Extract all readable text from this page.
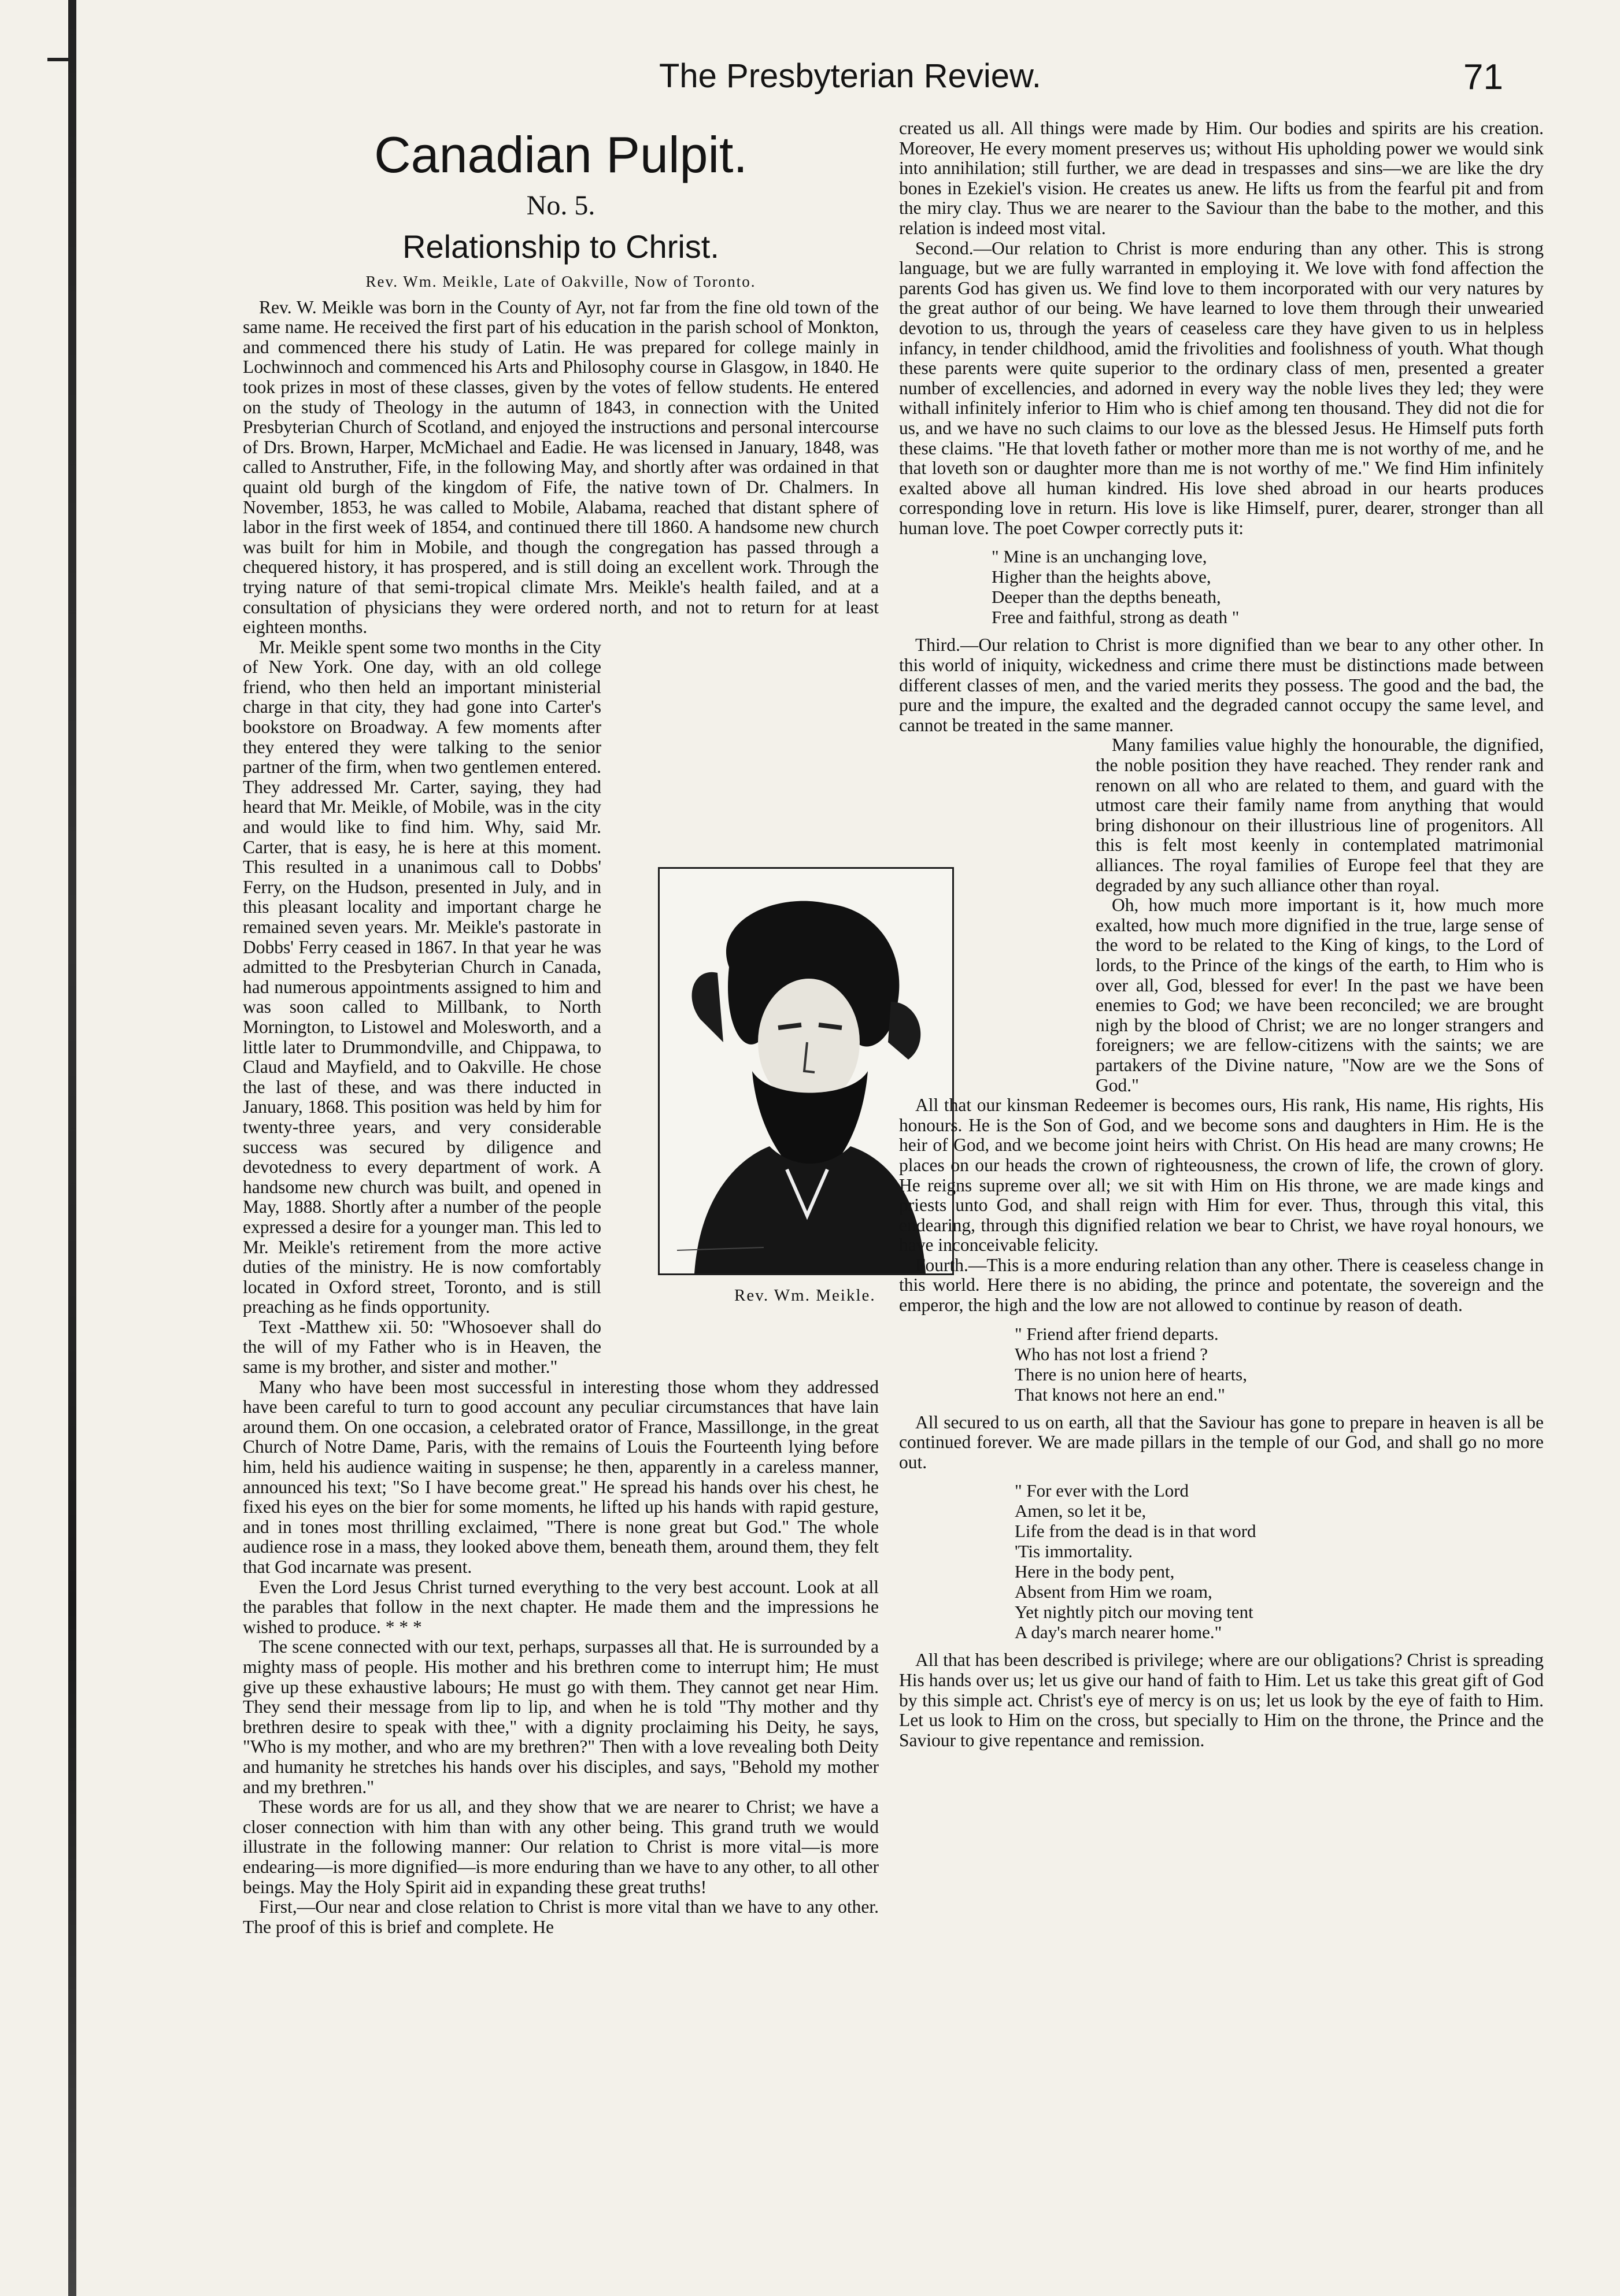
The Presbyterian Review.	71
Canadian Pulpit.
No. 5.
Relationship to Christ.
Rev. Wm. Meikle, Late of Oakville, Now of Toronto.

Rev. W. Meikle was born in the County of Ayr, not far from the fine old town of the same name. He received the first part of his education in the parish school of Monkton, and commenced there his study of Latin. He was prepared for college mainly in Lochwinnoch and commenced his Arts and Philosophy course in Glasgow, in 1840. He took prizes in most of these classes, given by the votes of fellow students. He entered on the study of Theology in the autumn of 1843, in connection with the United Presbyterian Church of Scotland, and enjoyed the instructions and personal intercourse of Drs. Brown, Harper, McMichael and Eadie. He was licensed in January, 1848, was called to Anstruther, Fife, in the following May, and shortly after was ordained in that quaint old burgh of the kingdom of Fife, the native town of Dr. Chalmers. In November, 1853, he was called to Mobile, Alabama, reached that distant sphere of labor in the first week of 1854, and continued there till 1860. A handsome new church was built for him in Mobile, and though the congregation has passed through a chequered history, it has prospered, and is still doing an excellent work. Through the trying nature of that semi-tropical climate Mrs. Meikle's health failed, and at a consultation of physicians they were ordered north, and not to return for at least eighteen months.

Mr. Meikle spent some two months in the City of New York. One day, with an old college friend, who then held an important ministerial charge in that city, they had gone into Carter's bookstore on Broadway. A few moments after they entered they were talking to the senior partner of the firm, when two gentlemen entered. They addressed Mr. Carter, saying, they had heard that Mr. Meikle, of Mobile, was in the city and would like to find him. Why, said Mr. Carter, that is easy, he is here at this moment. This resulted in a unanimous call to Dobbs' Ferry, on the Hudson, presented in July, and in this pleasant locality and important charge he remained seven years. Mr. Meikle's pastorate in Dobbs' Ferry ceased in 1867. In that year he was admitted to the Presbyterian Church in Canada, had numerous appointments assigned to him and was soon called to Millbank, to North Mornington, to Listowel and Molesworth, and a little later to Drummondville, and Chippawa, to Claud and Mayfield, and to Oakville. He chose the last of these, and was there inducted in January, 1868. This position was held by him for twenty-three years, and very considerable success was secured by diligence and devotedness to every department of work. A handsome new church was built, and opened in May, 1888. Shortly after a number of the people expressed a desire for a younger man. This led to Mr. Meikle's retirement from the more active duties of the ministry. He is now comfortably located in Oxford street, Toronto, and is still preaching as he finds opportunity.

Text -Matthew xii. 50: "Whosoever shall do the will of my Father who is in Heaven, the same is my brother, and sister and mother."

Many who have been most successful in interesting those whom they addressed have been careful to turn to good account any peculiar circumstances that have lain around them. On one occasion, a celebrated orator of France, Massillonge, in the great Church of Notre Dame, Paris, with the remains of Louis the Fourteenth lying before him, held his audience waiting in suspense; he then, apparently in a careless manner, announced his text; "So I have become great." He spread his hands over his chest, he fixed his eyes on the bier for some moments, he lifted up his hands with rapid gesture, and in tones most thrilling exclaimed, "There is none great but God." The whole audience rose in a mass, they looked above them, beneath them, around them, they felt that God incarnate was present.

Even the Lord Jesus Christ turned everything to the very best account. Look at all the parables that follow in the next chapter. He made them and the impressions he wished to produce. * * *

The scene connected with our text, perhaps, surpasses all that. He is surrounded by a mighty mass of people. His mother and his brethren come to interrupt him; He must give up these exhaustive labours; He must go with them. They cannot get near Him. They send their message from lip to lip, and when he is told "Thy mother and thy brethren desire to speak with thee," with a dignity proclaiming his Deity, he says, "Who is my mother, and who are my brethren?" Then with a love revealing both Deity and humanity he stretches his hands over his disciples, and says, "Behold my mother and my brethren."

These words are for us all, and they show that we are nearer to Christ; we have a closer connection with him than with any other being. This grand truth we would illustrate in the following manner: Our relation to Christ is more vital—is more endearing—is more dignified—is more enduring than we have to any other, to all other beings. May the Holy Spirit aid in expanding these great truths!

First,—Our near and close relation to Christ is more vital than we have to any other. The proof of this is brief and complete. He

Rev. Wm. Meikle.

created us all. All things were made by Him. Our bodies and spirits are his creation. Moreover, He every moment preserves us; without His upholding power we would sink into annihilation; still further, we are dead in trespasses and sins—we are like the dry bones in Ezekiel's vision. He creates us anew. He lifts us from the fearful pit and from the miry clay. Thus we are nearer to the Saviour than the babe to the mother, and this relation is indeed most vital.

Second.—Our relation to Christ is more enduring than any other. This is strong language, but we are fully warranted in employing it. We love with fond affection the parents God has given us. We find love to them incorporated with our very natures by the great author of our being. We have learned to love them through their unwearied devotion to us, through the years of ceaseless care they have given to us in helpless infancy, in tender childhood, amid the frivolities and foolishness of youth. What though these parents were quite superior to the ordinary class of men, presented a greater number of excellencies, and adorned in every way the noble lives they led; they were withall infinitely inferior to Him who is chief among ten thousand. They did not die for us, and we have no such claims to our love as the blessed Jesus. He Himself puts forth these claims. "He that loveth father or mother more than me is not worthy of me, and he that loveth son or daughter more than me is not worthy of me." We find Him infinitely exalted above all human kindred. His love shed abroad in our hearts produces corresponding love in return. His love is like Himself, purer, dearer, stronger than all human love. The poet Cowper correctly puts it:

" Mine is an unchanging love,
Higher than the heights above,
Deeper than the depths beneath,
Free and faithful, strong as death "

Third.—Our relation to Christ is more dignified than we bear to any other other. In this world of iniquity, wickedness and crime there must be distinctions made between different classes of men, and the varied merits they possess. The good and the bad, the pure and the impure, the exalted and the degraded cannot occupy the same level, and cannot be treated in the same manner.

Many families value highly the honourable, the dignified, the noble position they have reached. They render rank and renown on all who are related to them, and guard with the utmost care their family name from anything that would bring dishonour on their illustrious line of progenitors. All this is felt most keenly in contemplated matrimonial alliances. The royal families of Europe feel that they are degraded by any such alliance other than royal.

Oh, how much more important is it, how much more exalted, how much more dignified in the true, large sense of the word to be related to the King of kings, to the Lord of lords, to the Prince of the kings of the earth, to Him who is over all, God, blessed for ever! In the past we have been enemies to God; we have been reconciled; we are brought nigh by the blood of Christ; we are no longer strangers and foreigners; we are fellow-citizens with the saints; we are partakers of the Divine nature, "Now are we the Sons of God."

All that our kinsman Redeemer is becomes ours, His rank, His name, His rights, His honours. He is the Son of God, and we become sons and daughters in Him. He is the heir of God, and we become joint heirs with Christ. On His head are many crowns; He places on our heads the crown of righteousness, the crown of life, the crown of glory. He reigns supreme over all; we sit with Him on His throne, we are made kings and priests unto God, and shall reign with Him for ever. Thus, through this vital, this endearing, through this dignified relation we bear to Christ, we have royal honours, we have inconceivable felicity.

Fourth.—This is a more enduring relation than any other. There is ceaseless change in this world. Here there is no abiding, the prince and potentate, the sovereign and the emperor, the high and the low are not allowed to continue by reason of death.

" Friend after friend departs.
Who has not lost a friend ?
There is no union here of hearts,
That knows not here an end."

All secured to us on earth, all that the Saviour has gone to prepare in heaven is all be continued forever. We are made pillars in the temple of our God, and shall go no more out.

" For ever with the Lord
Amen, so let it be,
Life from the dead is in that word
'Tis immortality.
Here in the body pent,
Absent from Him we roam,
Yet nightly pitch our moving tent
A day's march nearer home."

All that has been described is privilege; where are our obligations? Christ is spreading His hands over us; let us give our hand of faith to Him. Let us take this great gift of God by this simple act. Christ's eye of mercy is on us; let us look by the eye of faith to Him. Let us look to Him on the cross, but specially to Him on the throne, the Prince and the Saviour to give repentance and remission.
